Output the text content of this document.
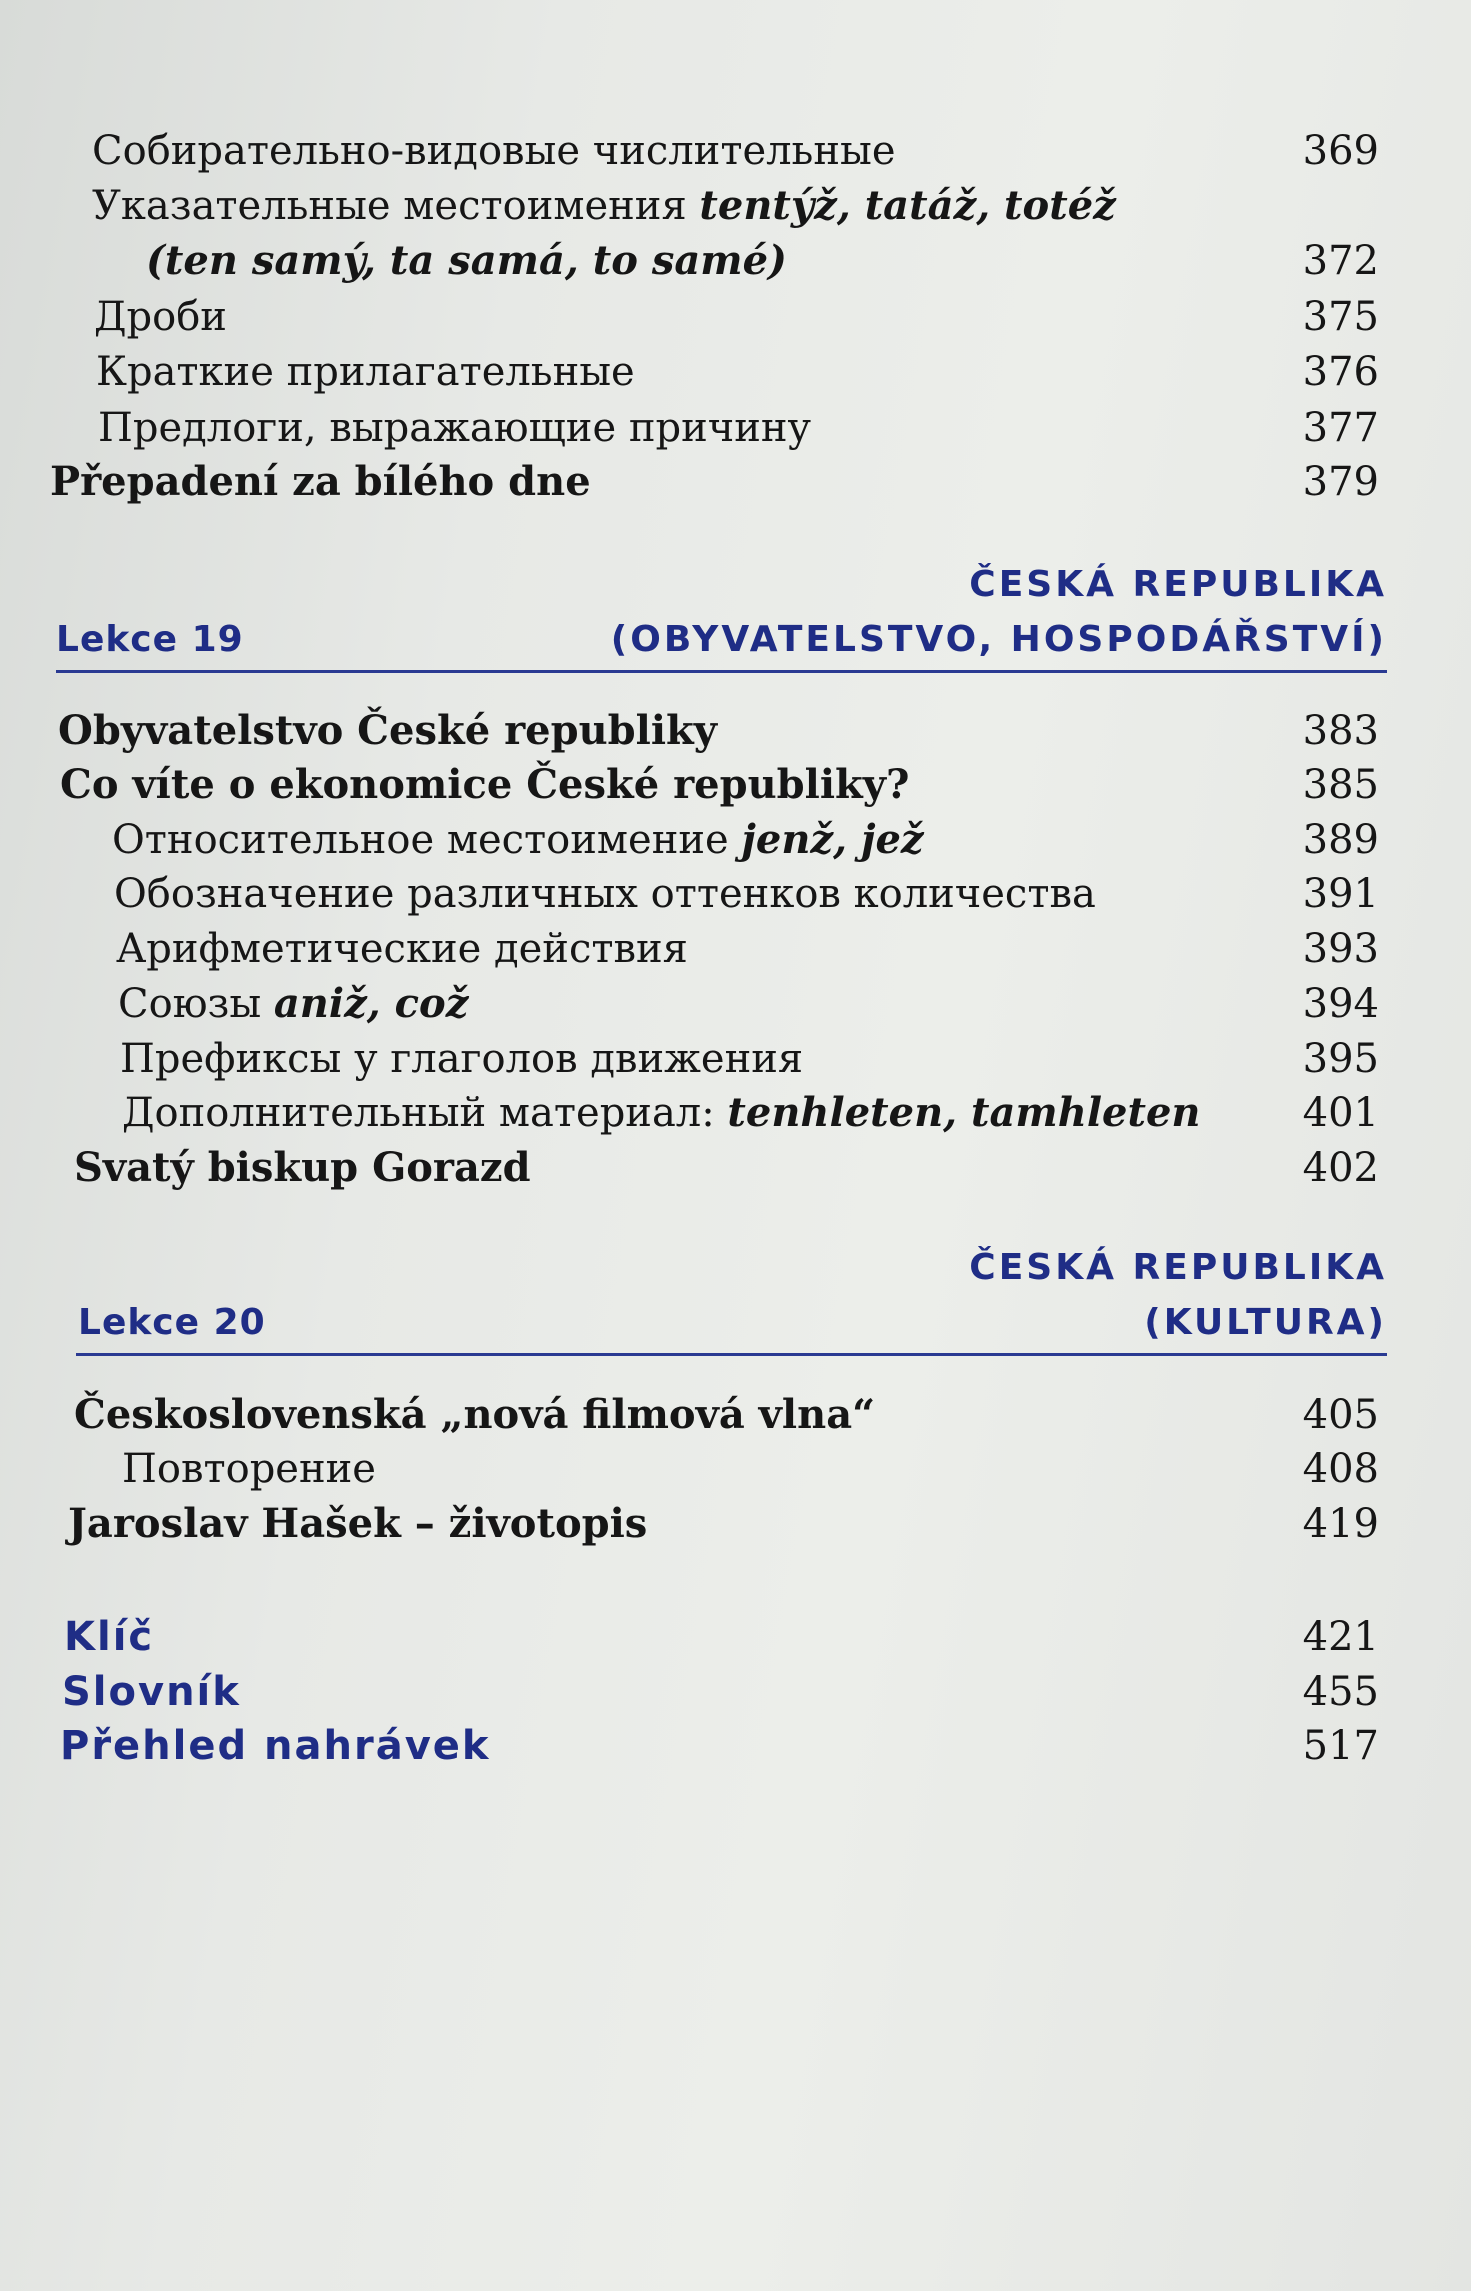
Собирательно-видовые числительные	369
Указательные местоимения tentýž, tatáž, totéž
(ten samý, ta samá, to samé)	372
Дроби	375
Краткие прилагательные	376
Предлоги, выражающие причину	377
Přepadení za bílého dne	379
ČESKÁ REPUBLIKA
Lekce 19	(OBYVATELSTVO, HOSPODÁŘSTVÍ)
Obyvatelstvo České republiky	383
Co víte o ekonomice České republiky?	385
Относительное местоимение jenž, jež	389
Обозначение различных оттенков количества	391
Арифметические действия	393
Союзы aniž, což	394
Префиксы у глаголов движения	395
Дополнительный материал: tenhleten, tamhleten	401
Svatý biskup Gorazd	402
ČESKÁ REPUBLIKA
Lekce 20	(KULTURA)
Československá „nová filmová vlna“	405
Повторение	408
Jaroslav Hašek – životopis	419
Klíč	421
Slovník	455
Přehled nahrávek	517
